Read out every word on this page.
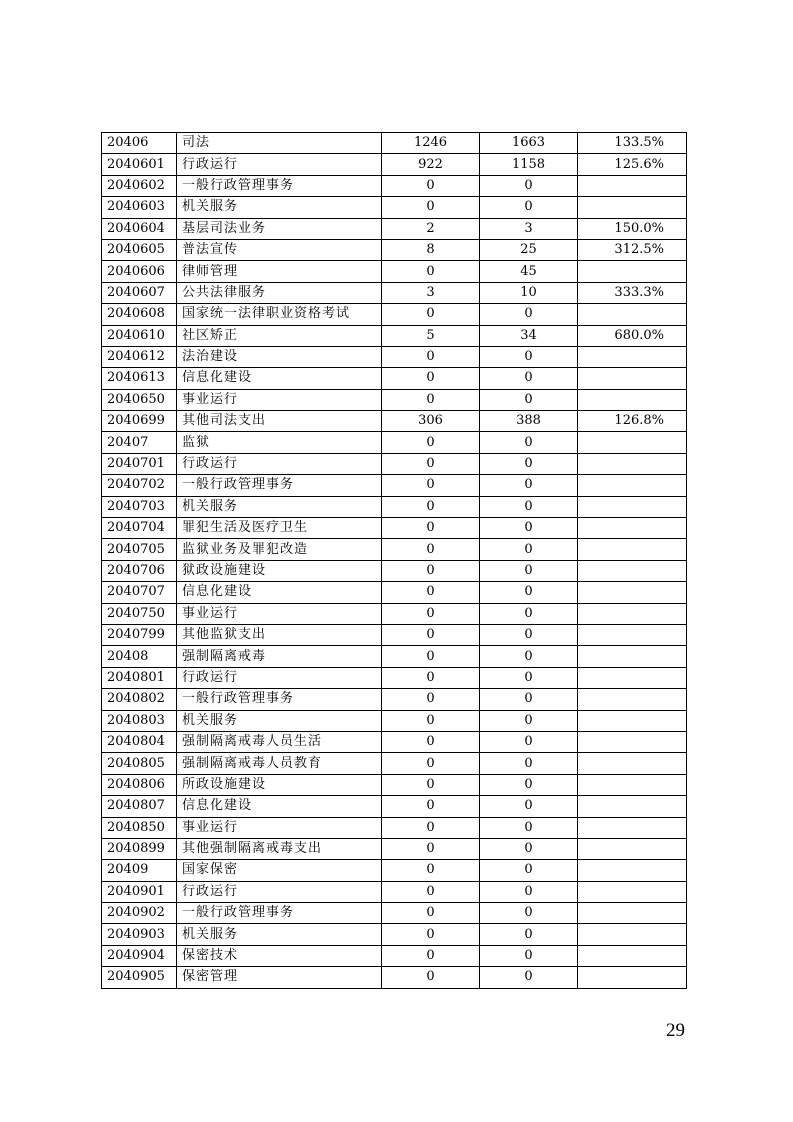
20406	司法	1246	1663	133.5%
2040601	行政运行	922	1158	125.6%
2040602	一般行政管理事务	0	0	
2040603	机关服务	0	0	
2040604	基层司法业务	2	3	150.0%
2040605	普法宣传	8	25	312.5%
2040606	律师管理	0	45	
2040607	公共法律服务	3	10	333.3%
2040608	国家统一法律职业资格考试	0	0	
2040610	社区矫正	5	34	680.0%
2040612	法治建设	0	0	
2040613	信息化建设	0	0	
2040650	事业运行	0	0	
2040699	其他司法支出	306	388	126.8%
20407	监狱	0	0	
2040701	行政运行	0	0	
2040702	一般行政管理事务	0	0	
2040703	机关服务	0	0	
2040704	罪犯生活及医疗卫生	0	0	
2040705	监狱业务及罪犯改造	0	0	
2040706	狱政设施建设	0	0	
2040707	信息化建设	0	0	
2040750	事业运行	0	0	
2040799	其他监狱支出	0	0	
20408	强制隔离戒毒	0	0	
2040801	行政运行	0	0	
2040802	一般行政管理事务	0	0	
2040803	机关服务	0	0	
2040804	强制隔离戒毒人员生活	0	0	
2040805	强制隔离戒毒人员教育	0	0	
2040806	所政设施建设	0	0	
2040807	信息化建设	0	0	
2040850	事业运行	0	0	
2040899	其他强制隔离戒毒支出	0	0	
20409	国家保密	0	0	
2040901	行政运行	0	0	
2040902	一般行政管理事务	0	0	
2040903	机关服务	0	0	
2040904	保密技术	0	0	
2040905	保密管理	0	0	
29
